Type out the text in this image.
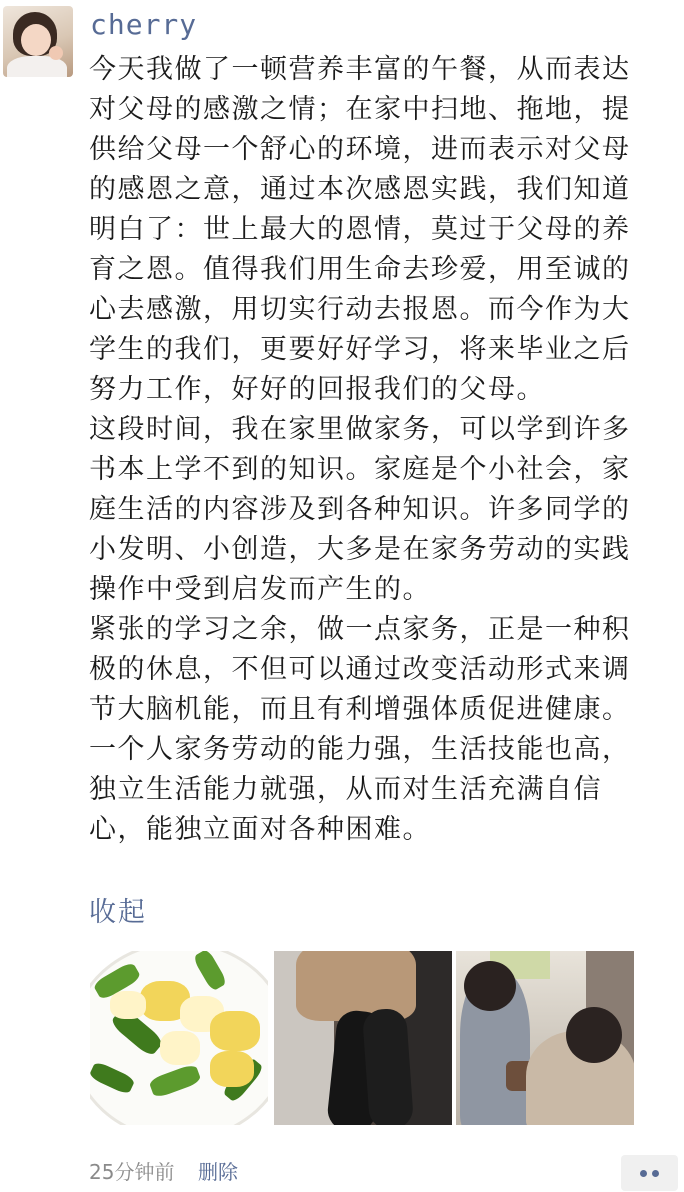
cherry

今天我做了一顿营养丰富的午餐，从而表达对父母的感激之情；在家中扫地、拖地，提供给父母一个舒心的环境，进而表示对父母的感恩之意，通过本次感恩实践，我们知道明白了：世上最大的恩情，莫过于父母的养育之恩。值得我们用生命去珍爱，用至诚的心去感激，用切实行动去报恩。而今作为大学生的我们，更要好好学习，将来毕业之后努力工作，好好的回报我们的父母。

这段时间，我在家里做家务，可以学到许多书本上学不到的知识。家庭是个小社会，家庭生活的内容涉及到各种知识。许多同学的小发明、小创造，大多是在家务劳动的实践操作中受到启发而产生的。

紧张的学习之余，做一点家务，正是一种积极的休息，不但可以通过改变活动形式来调节大脑机能，而且有利增强体质促进健康。一个人家务劳动的能力强，生活技能也高，独立生活能力就强，从而对生活充满自信心，能独立面对各种困难。

收起
25分钟前 删除
